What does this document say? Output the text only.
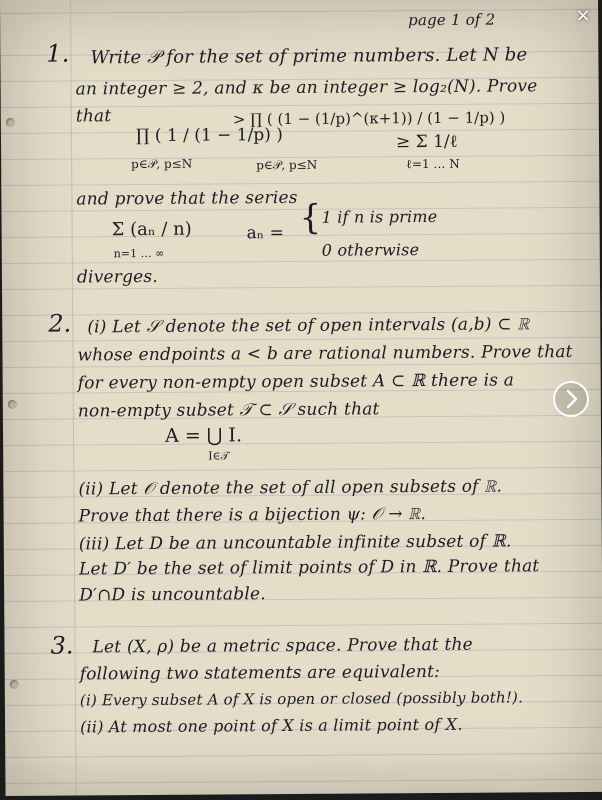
page 1 of 2
1. Write 𝒫 for the set of prime numbers. Let N be
an integer ≥ 2, and κ be an integer ≥ log₂(N). Prove
that
∏ ( 1 / (1 − 1/p) )
> ∏ ( (1 − (1/p)^(κ+1)) / (1 − 1/p) )
≥ Σ 1/ℓ
p∈𝒫, p≤N	p∈𝒫, p≤N	ℓ=1 … N
and prove that the series
Σ (aₙ / n)
n=1 … ∞
aₙ = { 1 if n is prime
0 otherwise
diverges.
2. (i) Let 𝒮 denote the set of open intervals (a,b) ⊂ ℝ
whose endpoints a < b are rational numbers. Prove that
for every non-empty open subset A ⊂ ℝ there is a
non-empty subset 𝒯 ⊂ 𝒮 such that
A = ⋃ I.
I∈𝒯
(ii) Let 𝒪 denote the set of all open subsets of ℝ.
Prove that there is a bijection ψ: 𝒪 → ℝ.
(iii) Let D be an uncountable infinite subset of ℝ.
Let D′ be the set of limit points of D in ℝ. Prove that
D′∩D is uncountable.
3. Let (X, ρ) be a metric space. Prove that the
following two statements are equivalent:
(i) Every subset A of X is open or closed (possibly both!).
(ii) At most one point of X is a limit point of X.
×
